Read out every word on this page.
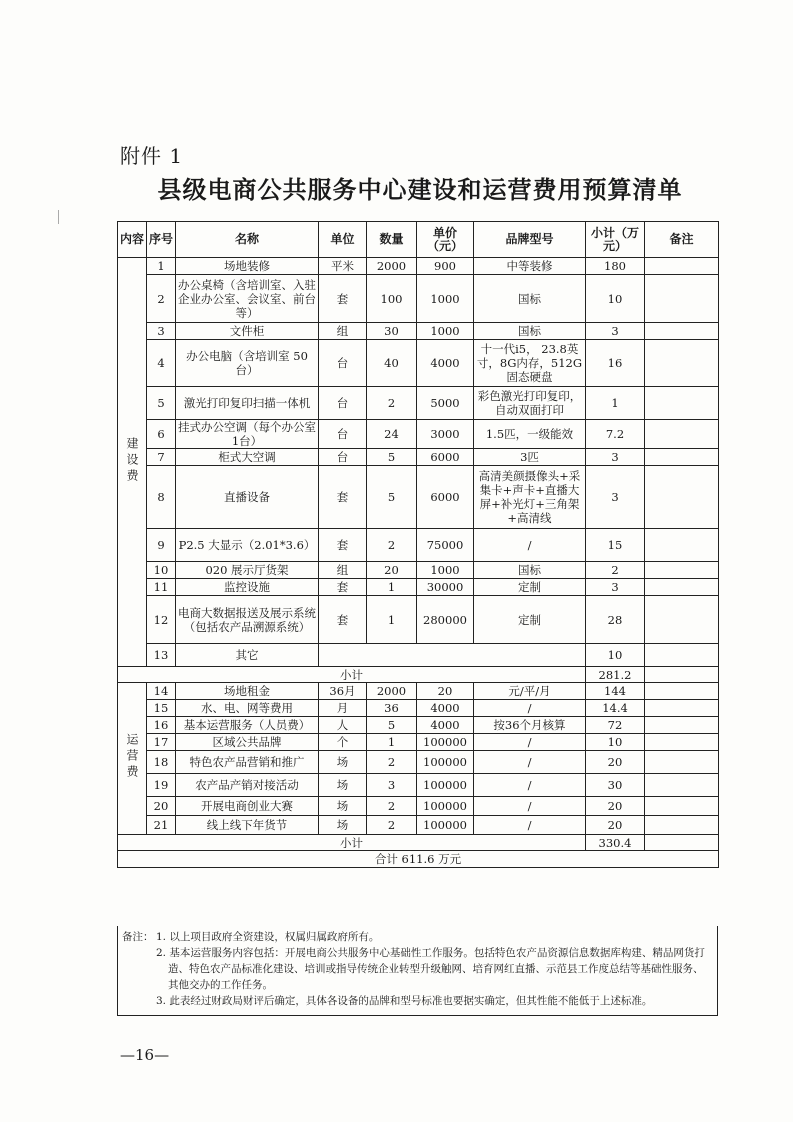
附件 1
县级电商公共服务中心建设和运营费用预算清单
内容	序号	名称	单位	数量	单价（元）	品牌型号	小计（万元）	备注
建设费	1	场地装修	平米	2000	900	中等装修	180	
	2	办公桌椅（含培训室、入驻 企业办公室、会议室、前台 等）	套	100	1000	国标	10	
	3	文件柜	组	30	1000	国标	3	
	4	办公电脑（含培训室 50台）	台	40	4000	十一代i5， 23.8英寸，8G内存，512G固态硬盘	16	
	5	激光打印复印扫描一体机	台	2	5000	彩色激光打印复印，自动双面打印	1	
	6	挂式办公空调（每个办公室1台）	台	24	3000	1.5匹，一级能效	7.2	
	7	柜式大空调	台	5	6000	3匹	3	
	8	直播设备	套	5	6000	高清美颜摄像头+采集卡+声卡+直播大屏+补光灯+三角架+高清线	3	
	9	P2.5 大显示（2.01*3.6）	套	2	75000	/	15	
	10	020 展示厅货架	组	20	1000	国标	2	
	11	监控设施	套	1	30000	定制	3	
	12	电商大数据报送及展示系统（包括农产品溯源系统）	套	1	280000	定制	28	
	13	其它					10	
小计							281.2	
运营费	14	场地租金	36月	2000	20	元/平/月	144	
	15	水、电、网等费用	月	36	4000	/	14.4	
	16	基本运营服务（人员费）	人	5	4000	按36个月核算	72	
	17	区域公共品牌	个	1	100000	/	10	
	18	特色农产品营销和推广	场	2	100000	/	20	
	19	农产品产销对接活动	场	3	100000	/	30	
	20	开展电商创业大赛	场	2	100000	/	20	
	21	线上线下年货节	场	2	100000	/	20	
小计							330.4	
合计 611.6 万元								
备注： 1. 以上项目政府全资建设，权属归属政府所有。
2. 基本运营服务内容包括：开展电商公共服务中心基础性工作服务。包括特色农产品资源信息数据库构建、精品网货打造、特色农产品标准化建设、培训或指导传统企业转型升级触网、培育网红直播、示范县工作度总结等基础性服务、其他交办的工作任务。
3. 此表经过财政局财评后确定，具体各设备的品牌和型号标准也要据实确定，但其性能不能低于上述标准。
—16—
